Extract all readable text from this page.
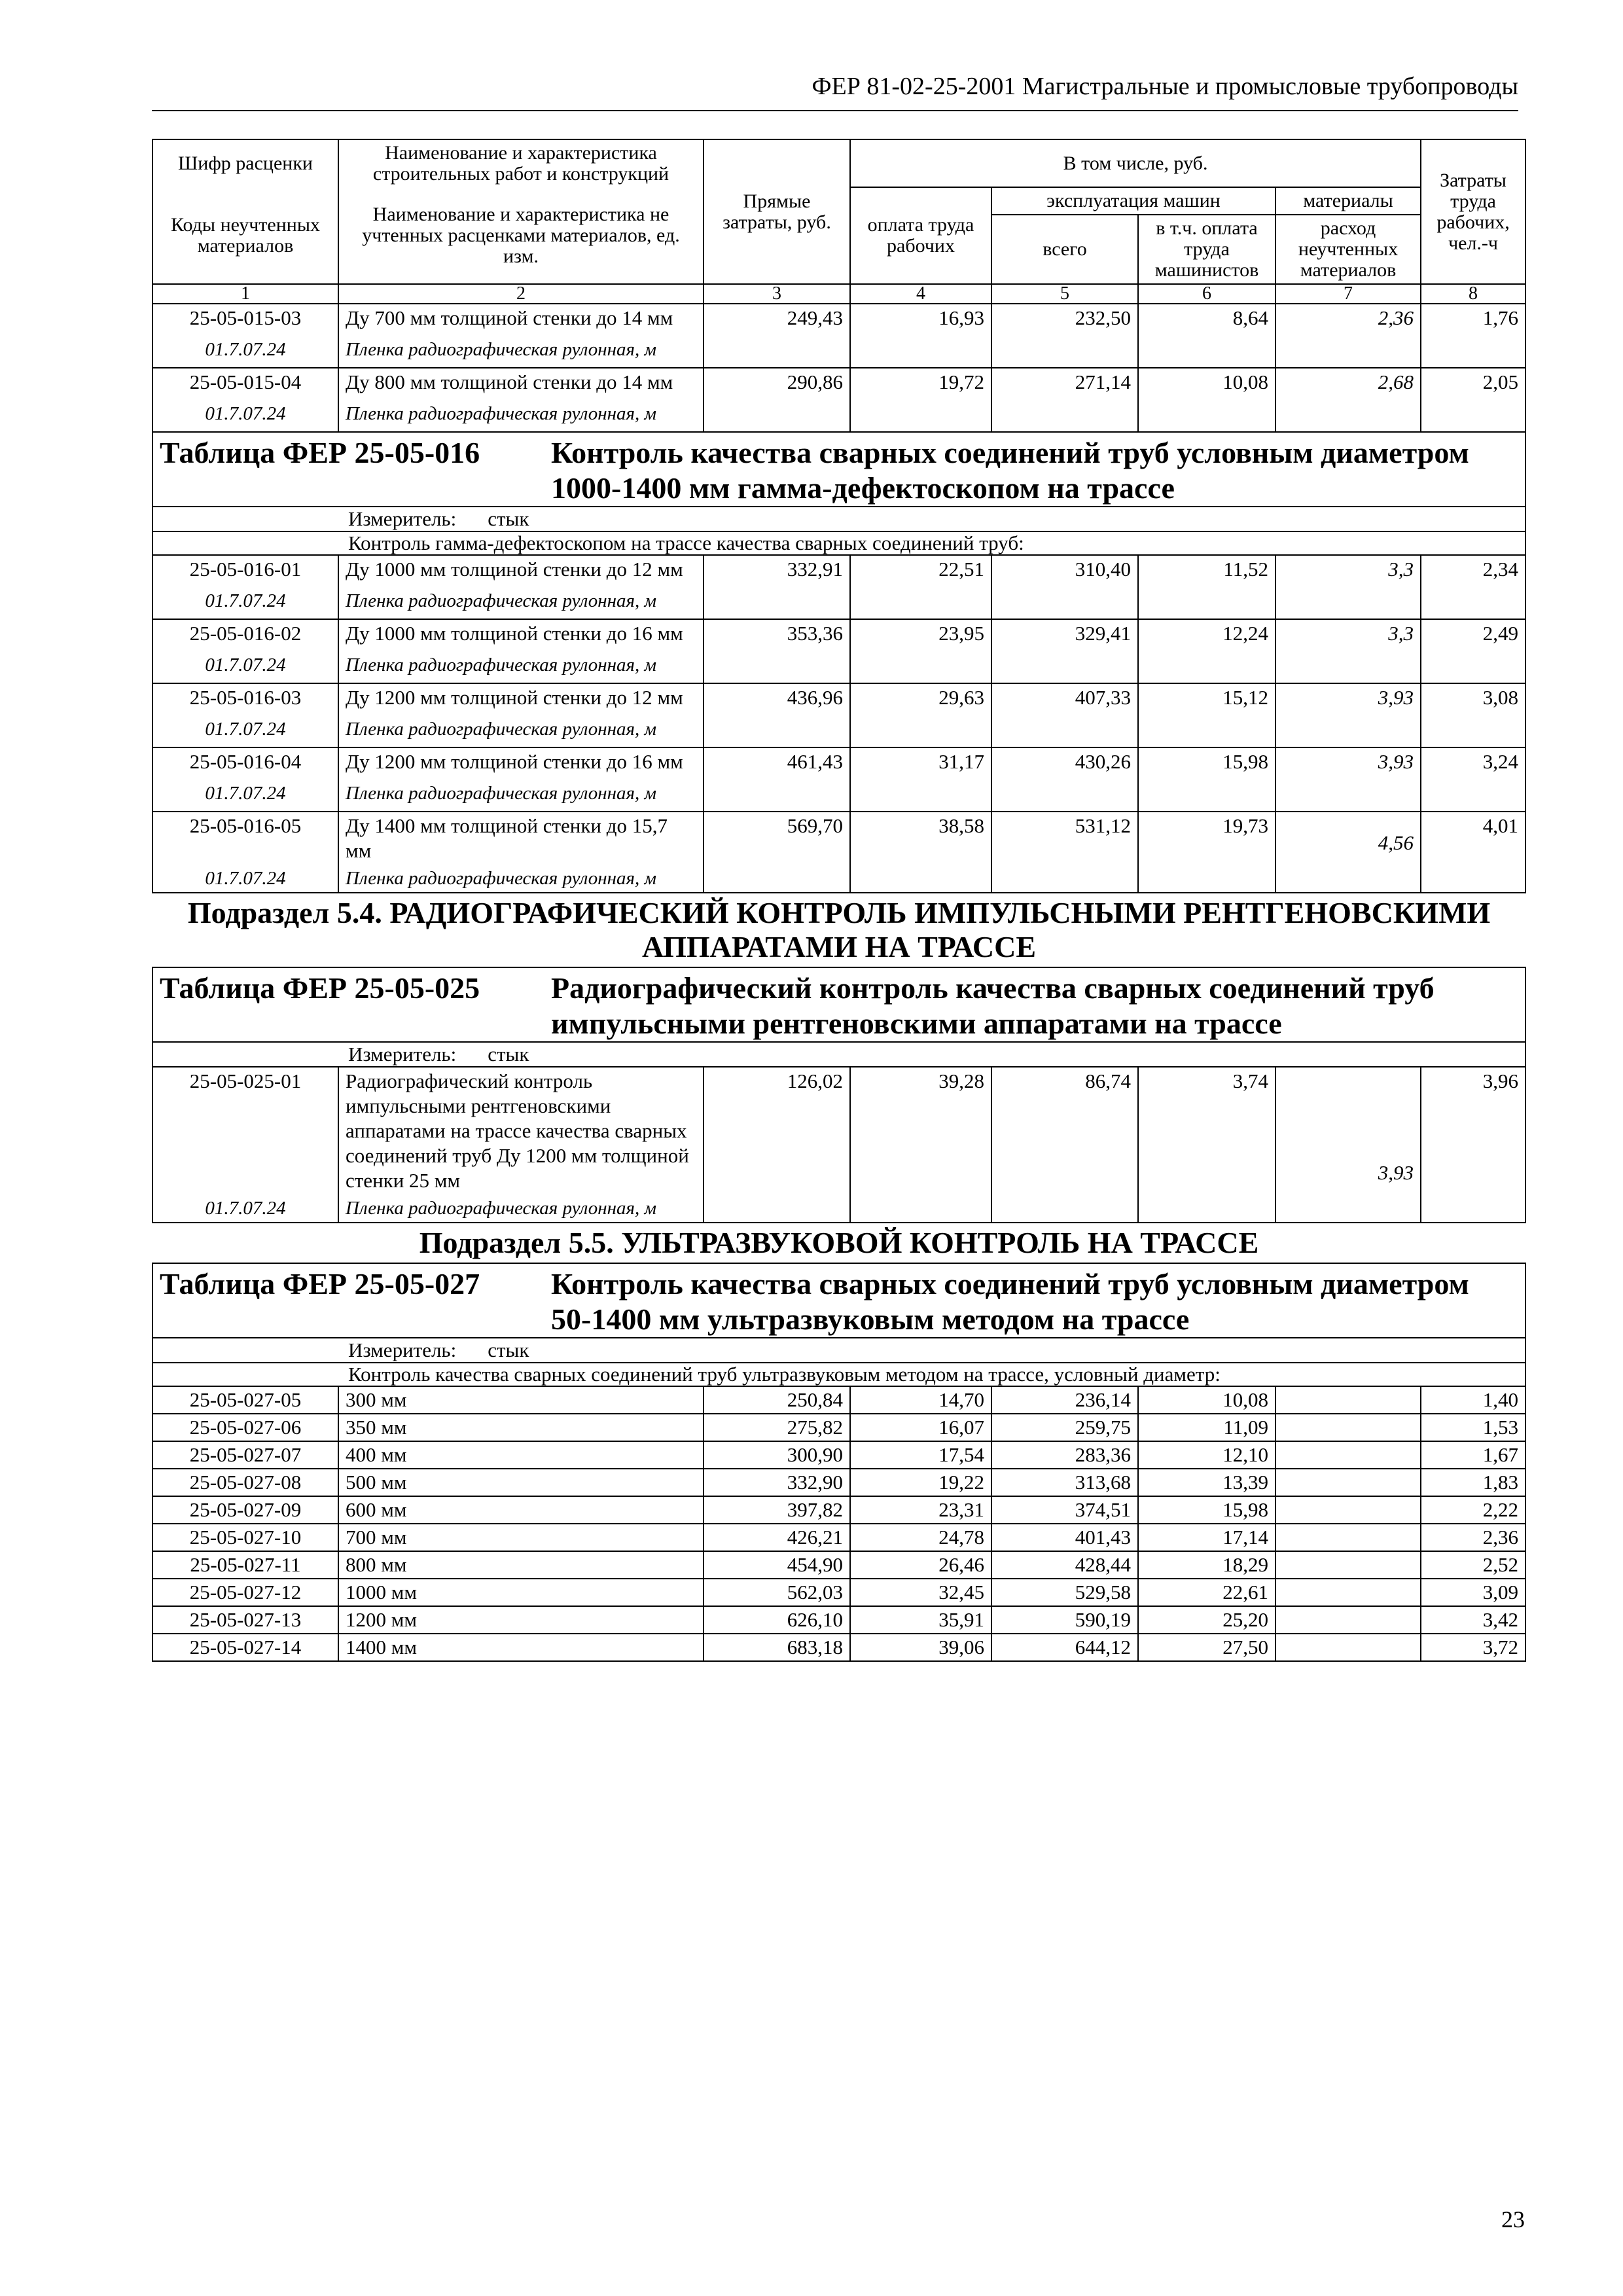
ФЕР 81-02-25-2001 Магистральные и промысловые трубопроводы
Шифр расценки	Наименование и характеристика строительных работ и конструкций	Прямые затраты, руб.	В том числе, руб.				Затраты труда рабочих, чел.-ч
Коды неучтенных материалов	Наименование и характеристика не учтенных расценками материалов, ед. изм.		оплата труда рабочих	эксплуатация машин		материалы	
				всего	в т.ч. оплата труда машинистов	расход неучтенных материалов	
1	2	3	4	5	6	7	8
25-05-015-03	Ду 700 мм толщиной стенки до 14 мм	249,43	16,93	232,50	8,64	2,36	1,76
01.7.07.24	Пленка радиографическая рулонная, м						
25-05-015-04	Ду 800 мм толщиной стенки до 14 мм	290,86	19,72	271,14	10,08	2,68	2,05
01.7.07.24	Пленка радиографическая рулонная, м						
Таблица ФЕР 25-05-016 Контроль качества сварных соединений труб условным диаметром 1000-1400 мм гамма-дефектоскопом на трассе							
Измеритель: стык							
Контроль гамма-дефектоскопом на трассе качества сварных соединений труб:							
25-05-016-01	Ду 1000 мм толщиной стенки до 12 мм	332,91	22,51	310,40	11,52	3,3	2,34
01.7.07.24	Пленка радиографическая рулонная, м						
25-05-016-02	Ду 1000 мм толщиной стенки до 16 мм	353,36	23,95	329,41	12,24	3,3	2,49
01.7.07.24	Пленка радиографическая рулонная, м						
25-05-016-03	Ду 1200 мм толщиной стенки до 12 мм	436,96	29,63	407,33	15,12	3,93	3,08
01.7.07.24	Пленка радиографическая рулонная, м						
25-05-016-04	Ду 1200 мм толщиной стенки до 16 мм	461,43	31,17	430,26	15,98	3,93	3,24
01.7.07.24	Пленка радиографическая рулонная, м						
25-05-016-05	Ду 1400 мм толщиной стенки до 15,7 мм	569,70	38,58	531,12	19,73	4,56	4,01
01.7.07.24	Пленка радиографическая рулонная, м						
Подраздел 5.4. РАДИОГРАФИЧЕСКИЙ КОНТРОЛЬ ИМПУЛЬСНЫМИ РЕНТГЕНОВСКИМИ АППАРАТАМИ НА ТРАССЕ							
Таблица ФЕР 25-05-025 Радиографический контроль качества сварных соединений труб импульсными рентгеновскими аппаратами на трассе							
Измеритель: стык							
25-05-025-01	Радиографический контроль импульсными рентгеновскими аппаратами на трассе качества сварных соединений труб Ду 1200 мм толщиной стенки 25 мм	126,02	39,28	86,74	3,74	3,93	3,96
01.7.07.24	Пленка радиографическая рулонная, м						
Подраздел 5.5. УЛЬТРАЗВУКОВОЙ КОНТРОЛЬ НА ТРАССЕ							
Таблица ФЕР 25-05-027 Контроль качества сварных соединений труб условным диаметром 50-1400 мм ультразвуковым методом на трассе							
Измеритель: стык							
Контроль качества сварных соединений труб ультразвуковым методом на трассе, условный диаметр:							
25-05-027-05	300 мм	250,84	14,70	236,14	10,08		1,40
25-05-027-06	350 мм	275,82	16,07	259,75	11,09		1,53
25-05-027-07	400 мм	300,90	17,54	283,36	12,10		1,67
25-05-027-08	500 мм	332,90	19,22	313,68	13,39		1,83
25-05-027-09	600 мм	397,82	23,31	374,51	15,98		2,22
25-05-027-10	700 мм	426,21	24,78	401,43	17,14		2,36
25-05-027-11	800 мм	454,90	26,46	428,44	18,29		2,52
25-05-027-12	1000 мм	562,03	32,45	529,58	22,61		3,09
25-05-027-13	1200 мм	626,10	35,91	590,19	25,20		3,42
25-05-027-14	1400 мм	683,18	39,06	644,12	27,50		3,72
23
